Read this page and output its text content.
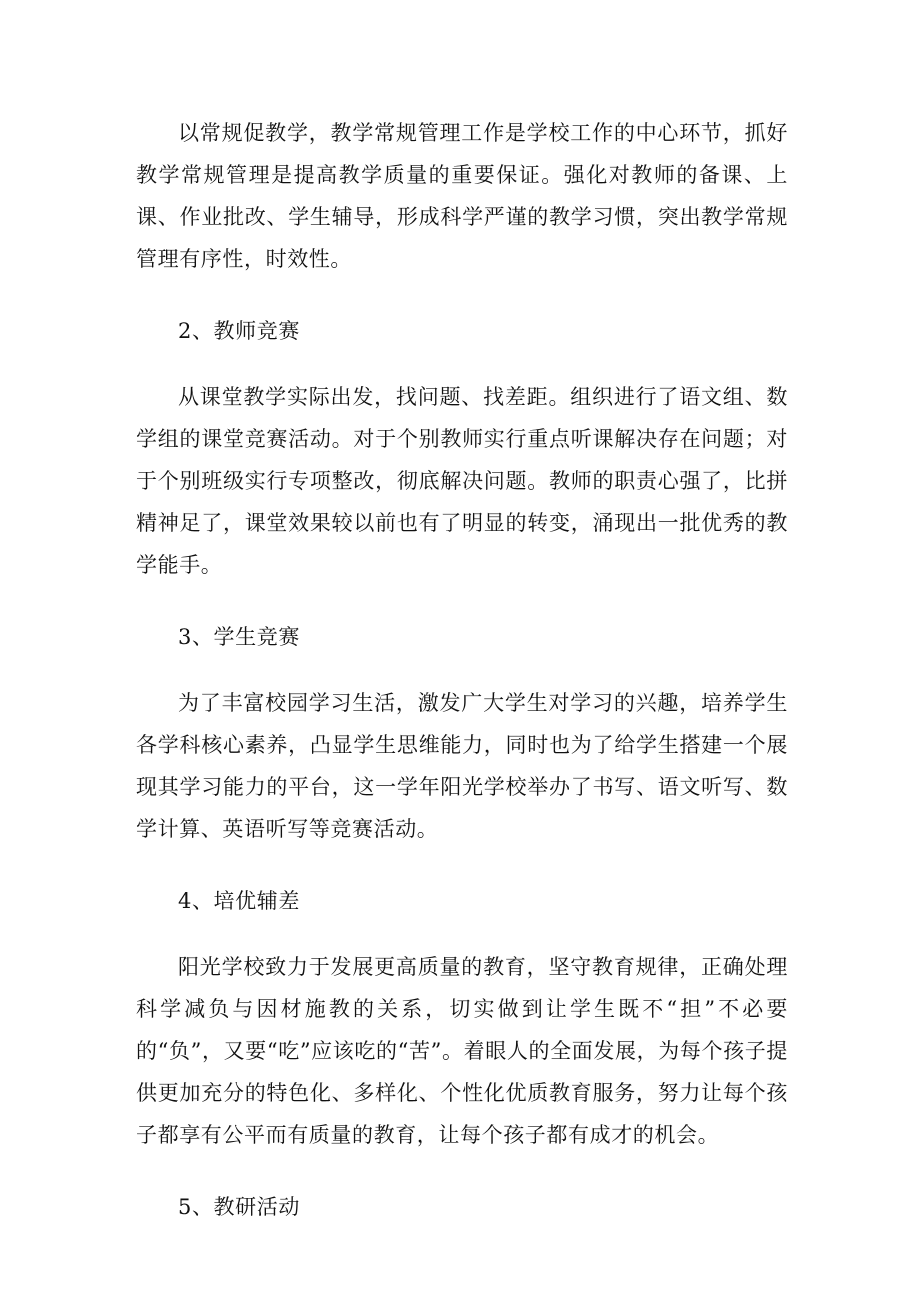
以常规促教学，教学常规管理工作是学校工作的中心环节，抓好教学常规管理是提高教学质量的重要保证。强化对教师的备课、上课、作业批改、学生辅导，形成科学严谨的教学习惯，突出教学常规管理有序性，时效性。

2、教师竞赛

从课堂教学实际出发，找问题、找差距。组织进行了语文组、数学组的课堂竞赛活动。对于个别教师实行重点听课解决存在问题；对于个别班级实行专项整改，彻底解决问题。教师的职责心强了，比拼精神足了，课堂效果较以前也有了明显的转变，涌现出一批优秀的教学能手。

3、学生竞赛

为了丰富校园学习生活，激发广大学生对学习的兴趣，培养学生各学科核心素养，凸显学生思维能力，同时也为了给学生搭建一个展现其学习能力的平台，这一学年阳光学校举办了书写、语文听写、数学计算、英语听写等竞赛活动。

4、培优辅差

阳光学校致力于发展更高质量的教育，坚守教育规律，正确处理科学减负与因材施教的关系，切实做到让学生既不“担”不必要的“负”，又要“吃”应该吃的“苦”。着眼人的全面发展，为每个孩子提供更加充分的特色化、多样化、个性化优质教育服务，努力让每个孩子都享有公平而有质量的教育，让每个孩子都有成才的机会。

5、教研活动
